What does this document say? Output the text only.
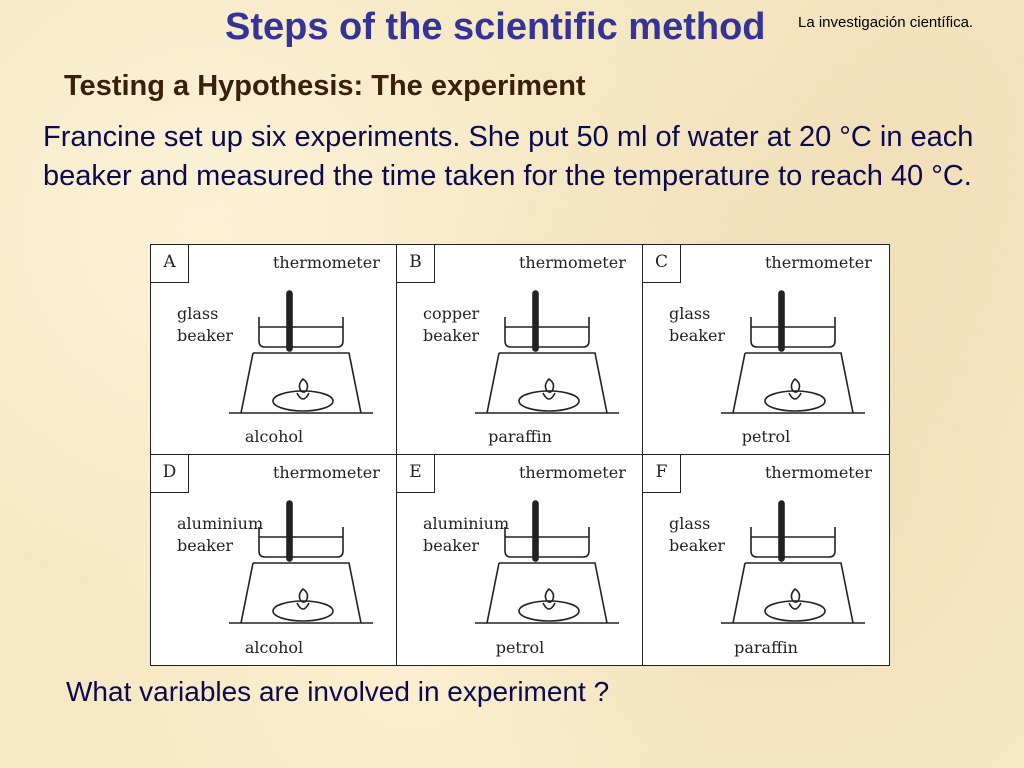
Steps of the scientific method La investigación científica.
Testing a Hypothesis: The experiment
Francine set up six experiments. She put 50 ml of water at 20 °C in each beaker and measured the time taken for the temperature to reach 40 °C.
A	thermometer
glass beaker
alcohol
B	thermometer
copper beaker
paraffin
C	thermometer
glass beaker
petrol
D	thermometer
aluminium beaker
alcohol
E	thermometer
aluminium beaker
petrol
F	thermometer
glass beaker
paraffin
What variables are involved in experiment ?
